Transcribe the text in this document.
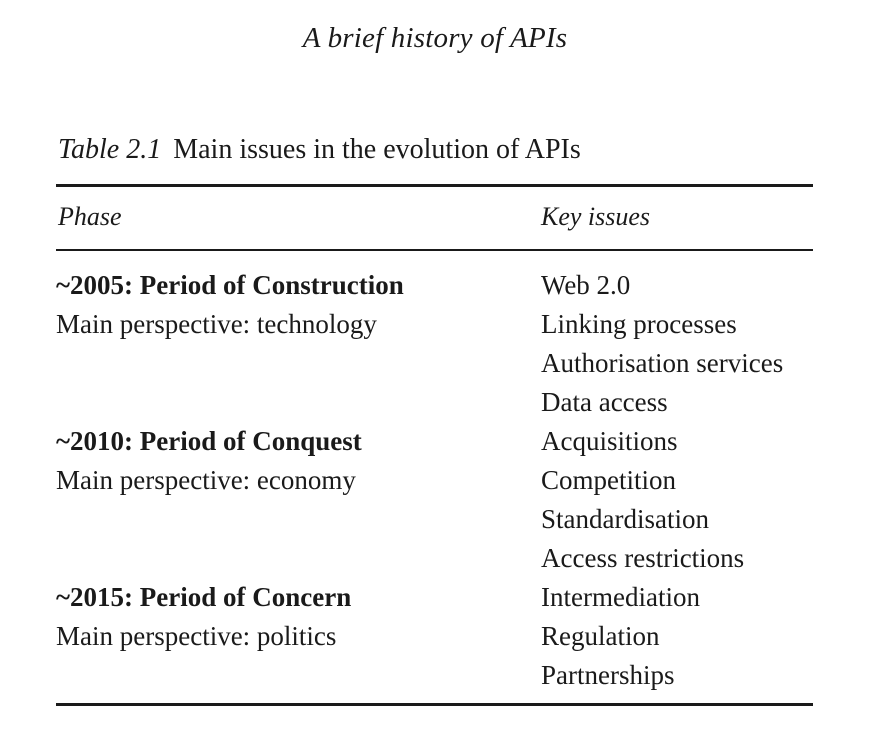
A brief history of APIs
Table 2.1 Main issues in the evolution of APIs
Phase	Key issues
~2005: Period of Construction
Main perspective: technology
Web 2.0
Linking processes
Authorisation services
Data access
~2010: Period of Conquest
Main perspective: economy
Acquisitions
Competition
Standardisation
Access restrictions
~2015: Period of Concern
Main perspective: politics
Intermediation
Regulation
Partnerships
